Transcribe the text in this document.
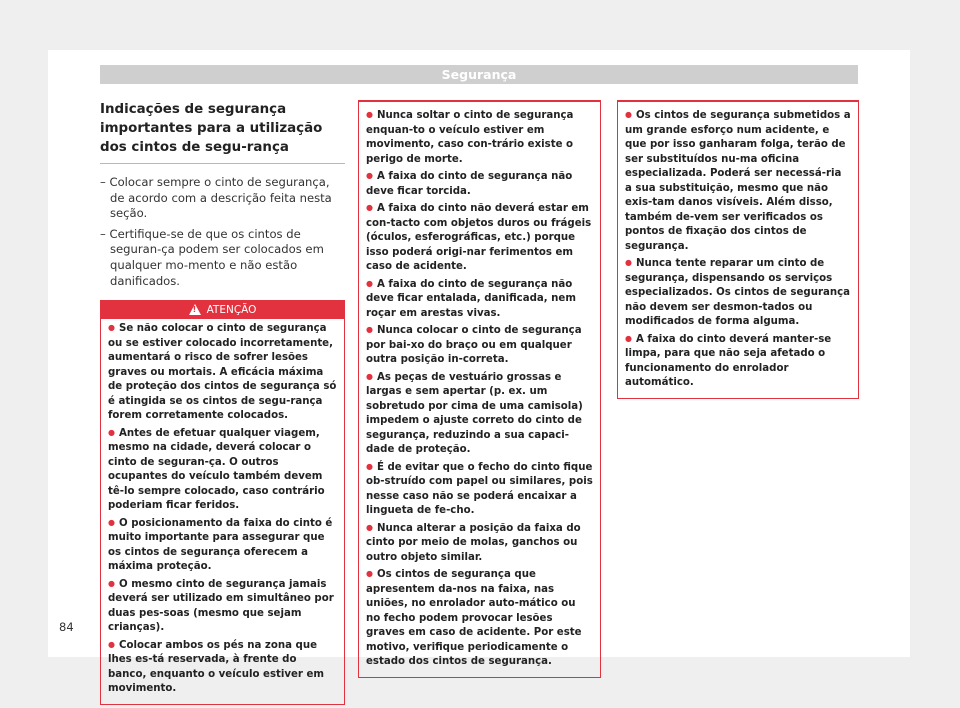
Segurança
Indicações de segurança importantes para a utilização dos cintos de segu-rança
– Colocar sempre o cinto de segurança, de acordo com a descrição feita nesta seção.
– Certifique-se de que os cintos de seguran-ça podem ser colocados em qualquer mo-mento e não estão danificados.
!ATENÇÃO
● Se não colocar o cinto de segurança ou se estiver colocado incorretamente, aumentará o risco de sofrer lesões graves ou mortais. A eficácia máxima de proteção dos cintos de segurança só é atingida se os cintos de segu-rança forem corretamente colocados.
● Antes de efetuar qualquer viagem, mesmo na cidade, deverá colocar o cinto de seguran-ça. O outros ocupantes do veículo também devem tê-lo sempre colocado, caso contrário poderiam ficar feridos.
● O posicionamento da faixa do cinto é muito importante para assegurar que os cintos de segurança oferecem a máxima proteção.
● O mesmo cinto de segurança jamais deverá ser utilizado em simultâneo por duas pes-soas (mesmo que sejam crianças).
● Colocar ambos os pés na zona que lhes es-tá reservada, à frente do banco, enquanto o veículo estiver em movimento.
● Nunca soltar o cinto de segurança enquan-to o veículo estiver em movimento, caso con-trário existe o perigo de morte.
● A faixa do cinto de segurança não deve ficar torcida.
● A faixa do cinto não deverá estar em con-tacto com objetos duros ou frágeis (óculos, esferográficas, etc.) porque isso poderá origi-nar ferimentos em caso de acidente.
● A faixa do cinto de segurança não deve ficar entalada, danificada, nem roçar em arestas vivas.
● Nunca colocar o cinto de segurança por bai-xo do braço ou em qualquer outra posição in-correta.
● As peças de vestuário grossas e largas e sem apertar (p. ex. um sobretudo por cima de uma camisola) impedem o ajuste correto do cinto de segurança, reduzindo a sua capaci-dade de proteção.
● É de evitar que o fecho do cinto fique ob-struído com papel ou similares, pois nesse caso não se poderá encaixar a lingueta de fe-cho.
● Nunca alterar a posição da faixa do cinto por meio de molas, ganchos ou outro objeto similar.
● Os cintos de segurança que apresentem da-nos na faixa, nas uniões, no enrolador auto-mático ou no fecho podem provocar lesões graves em caso de acidente. Por este motivo, verifique periodicamente o estado dos cintos de segurança.
● Os cintos de segurança submetidos a um grande esforço num acidente, e que por isso ganharam folga, terão de ser substituídos nu-ma oficina especializada. Poderá ser necessá-ria a sua substituição, mesmo que não exis-tam danos visíveis. Além disso, também de-vem ser verificados os pontos de fixação dos cintos de segurança.
● Nunca tente reparar um cinto de segurança, dispensando os serviços especializados. Os cintos de segurança não devem ser desmon-tados ou modificados de forma alguma.
● A faixa do cinto deverá manter-se limpa, para que não seja afetado o funcionamento do enrolador automático.
84
